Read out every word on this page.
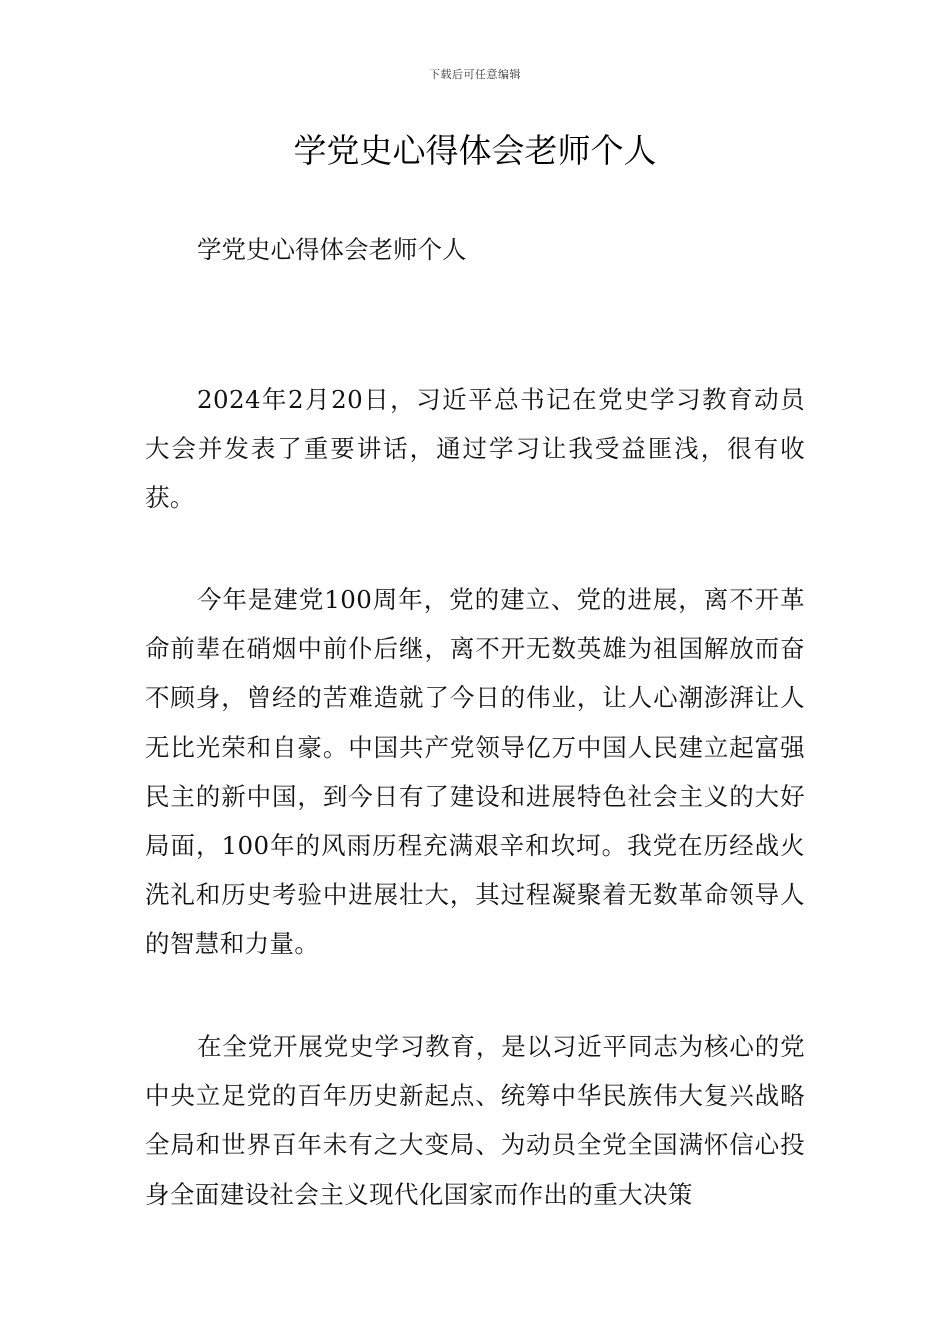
下载后可任意编辑
学党史心得体会老师个人

学党史心得体会老师个人

2024年2月20日，习近平总书记在党史学习教育动员大会并发表了重要讲话，通过学习让我受益匪浅，很有收获。

今年是建党100周年，党的建立、党的进展，离不开革命前辈在硝烟中前仆后继，离不开无数英雄为祖国解放而奋不顾身，曾经的苦难造就了今日的伟业，让人心潮澎湃让人无比光荣和自豪。中国共产党领导亿万中国人民建立起富强民主的新中国，到今日有了建设和进展特色社会主义的大好局面，100年的风雨历程充满艰辛和坎坷。我党在历经战火洗礼和历史考验中进展壮大，其过程凝聚着无数革命领导人的智慧和力量。

在全党开展党史学习教育，是以习近平同志为核心的党中央立足党的百年历史新起点、统筹中华民族伟大复兴战略全局和世界百年未有之大变局、为动员全党全国满怀信心投身全面建设社会主义现代化国家而作出的重大决策
